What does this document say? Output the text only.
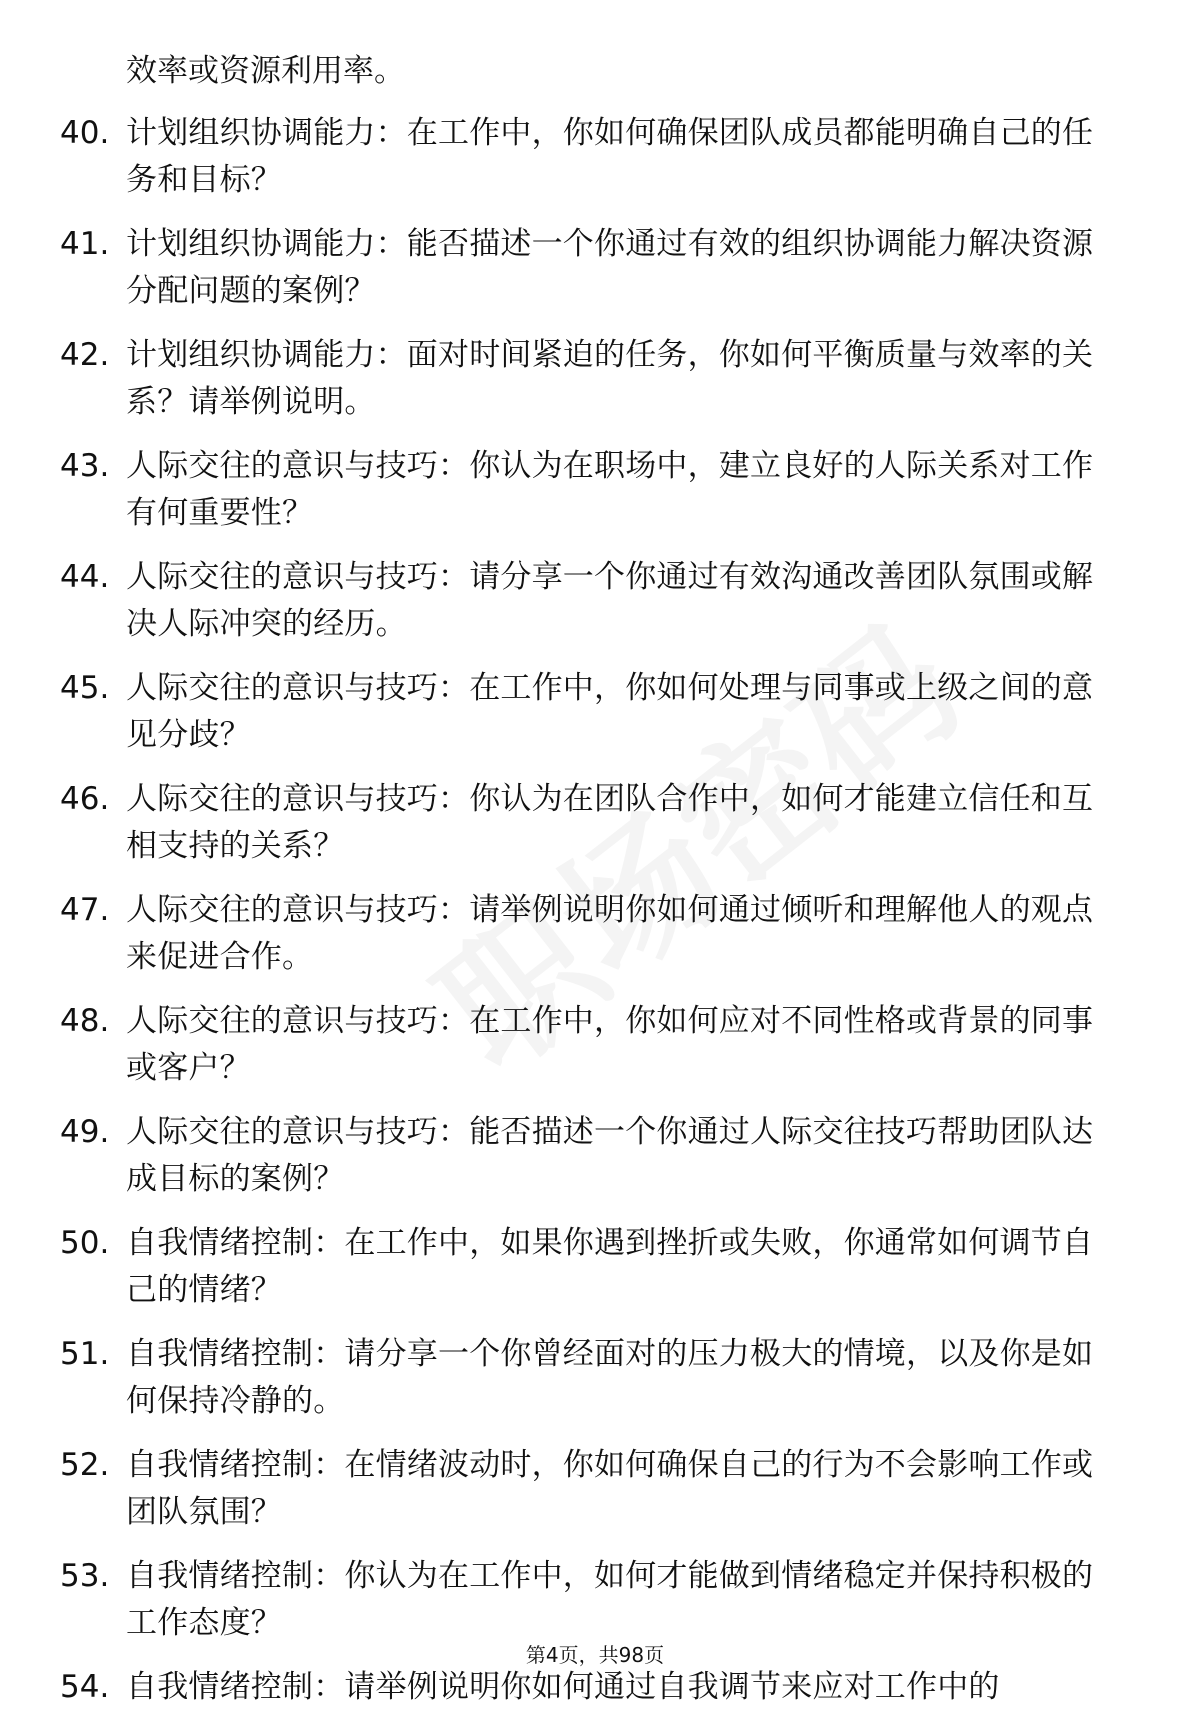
效率或资源利用率。
40. 计划组织协调能力：在工作中，你如何确保团队成员都能明确自己的任务和目标？
41. 计划组织协调能力：能否描述一个你通过有效的组织协调能力解决资源分配问题的案例？
42. 计划组织协调能力：面对时间紧迫的任务，你如何平衡质量与效率的关系？请举例说明。
43. 人际交往的意识与技巧：你认为在职场中，建立良好的人际关系对工作有何重要性？
44. 人际交往的意识与技巧：请分享一个你通过有效沟通改善团队氛围或解决人际冲突的经历。
45. 人际交往的意识与技巧：在工作中，你如何处理与同事或上级之间的意见分歧？
46. 人际交往的意识与技巧：你认为在团队合作中，如何才能建立信任和互相支持的关系？
47. 人际交往的意识与技巧：请举例说明你如何通过倾听和理解他人的观点来促进合作。
48. 人际交往的意识与技巧：在工作中，你如何应对不同性格或背景的同事或客户？
49. 人际交往的意识与技巧：能否描述一个你通过人际交往技巧帮助团队达成目标的案例？
50. 自我情绪控制：在工作中，如果你遇到挫折或失败，你通常如何调节自己的情绪？
51. 自我情绪控制：请分享一个你曾经面对的压力极大的情境，以及你是如何保持冷静的。
52. 自我情绪控制：在情绪波动时，你如何确保自己的行为不会影响工作或团队氛围？
53. 自我情绪控制：你认为在工作中，如何才能做到情绪稳定并保持积极的工作态度？
54. 自我情绪控制：请举例说明你如何通过自我调节来应对工作中的
第4页，共98页
